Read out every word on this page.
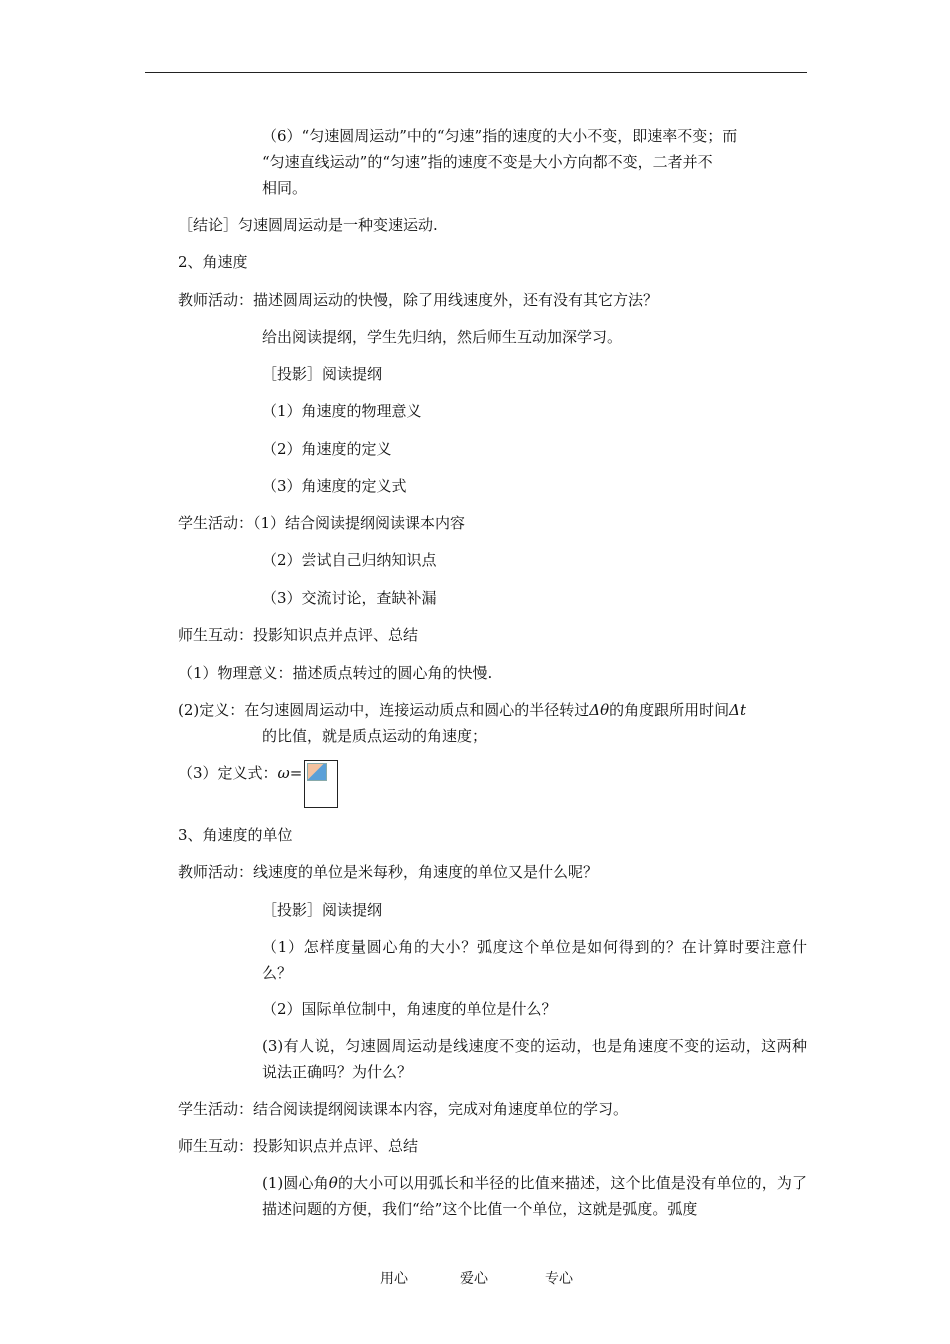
（6）“匀速圆周运动”中的“匀速”指的速度的大小不变，即速率不变；而
“匀速直线运动”的“匀速”指的速度不变是大小方向都不变，二者并不
相同。
［结论］匀速圆周运动是一种变速运动.
2、角速度
教师活动：描述圆周运动的快慢，除了用线速度外，还有没有其它方法？
给出阅读提纲，学生先归纳，然后师生互动加深学习。
［投影］阅读提纲
（1）角速度的物理意义
（2）角速度的定义
（3）角速度的定义式
学生活动：（1）结合阅读提纲阅读课本内容
（2）尝试自己归纳知识点
（3）交流讨论，查缺补漏
师生互动：投影知识点并点评、总结
（1）物理意义：描述质点转过的圆心角的快慢.
(2)定义：在匀速圆周运动中，连接运动质点和圆心的半径转过Δθ的角度跟所用时间Δt
的比值，就是质点运动的角速度；
（3）定义式：ω=
3、角速度的单位
教师活动：线速度的单位是米每秒，角速度的单位又是什么呢？
［投影］阅读提纲
（1）怎样度量圆心角的大小？弧度这个单位是如何得到的？在计算时要注意什么？
（2）国际单位制中，角速度的单位是什么？
(3)有人说，匀速圆周运动是线速度不变的运动，也是角速度不变的运动，这两种说法正确吗？为什么？
学生活动：结合阅读提纲阅读课本内容，完成对角速度单位的学习。
师生互动：投影知识点并点评、总结
(1)圆心角θ的大小可以用弧长和半径的比值来描述，这个比值是没有单位的，为了描述问题的方便，我们“给”这个比值一个单位，这就是弧度。弧度
用心	爱心	专心
